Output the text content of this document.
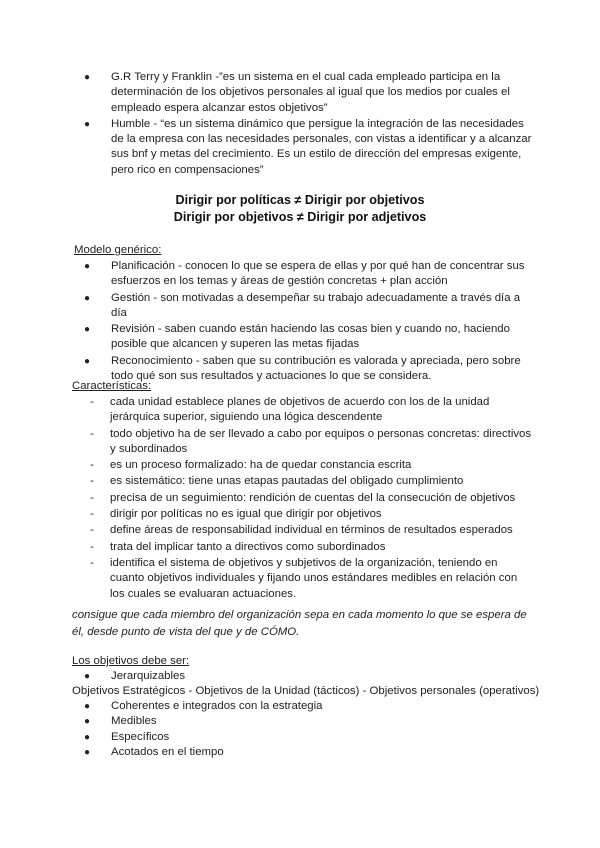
●	G.R Terry y Franklin -”es un sistema en el cual cada empleado participa en la determinación de los objetivos personales al igual que los medios por cuales el empleado espera alcanzar estos objetivos”
●	Humble - “es un sistema dinámico que persigue la integración de las necesidades de la empresa con las necesidades personales, con vistas a identificar y a alcanzar sus bnf y metas del crecimiento. Es un estilo de dirección del empresas exigente, pero rico en compensaciones”
Dirigir por políticas ≠ Dirigir por objetivos
Dirigir por objetivos ≠ Dirigir por adjetivos
Modelo genérico:
●	Planificación - conocen lo que se espera de ellas y por qué han de concentrar sus esfuerzos en los temas y áreas de gestión concretas + plan acción
●	Gestión - son motivadas a desempeñar su trabajo adecuadamente a través día a día
●	Revisión - saben cuando están haciendo las cosas bien y cuando no, haciendo posible que alcancen y superen las metas fijadas
●	Reconocimiento - saben que su contribución es valorada y apreciada, pero sobre todo qué son sus resultados y actuaciones lo que se considera.
Características:
- cada unidad establece planes de objetivos de acuerdo con los de la unidad jerárquica superior, siguiendo una lógica descendente
- todo objetivo ha de ser llevado a cabo por equipos o personas concretas: directivos y subordinados
- es un proceso formalizado: ha de quedar constancia escrita
- es sistemático: tiene unas etapas pautadas del obligado cumplimiento
- precisa de un seguimiento: rendición de cuentas del la consecución de objetivos
- dirigir por políticas no es igual que dirigir por objetivos
- define áreas de responsabilidad individual en términos de resultados esperados
- trata del implicar tanto a directivos como subordinados
- identifica el sistema de objetivos y subjetivos de la organización, teniendo en cuanto objetivos individuales y fijando unos estándares medibles en relación con los cuales se evaluaran actuaciones.
consigue que cada miembro del organización sepa en cada momento lo que se espera de él, desde punto de vista del que y de CÓMO.
Los objetivos debe ser:
●	Jerarquizables
Objetivos Estratégicos - Objetivos de la Unidad (tácticos) - Objetivos personales (operativos)
●	Coherentes e integrados con la estrategia
●	Medibles
●	Específicos
●	Acotados en el tiempo
